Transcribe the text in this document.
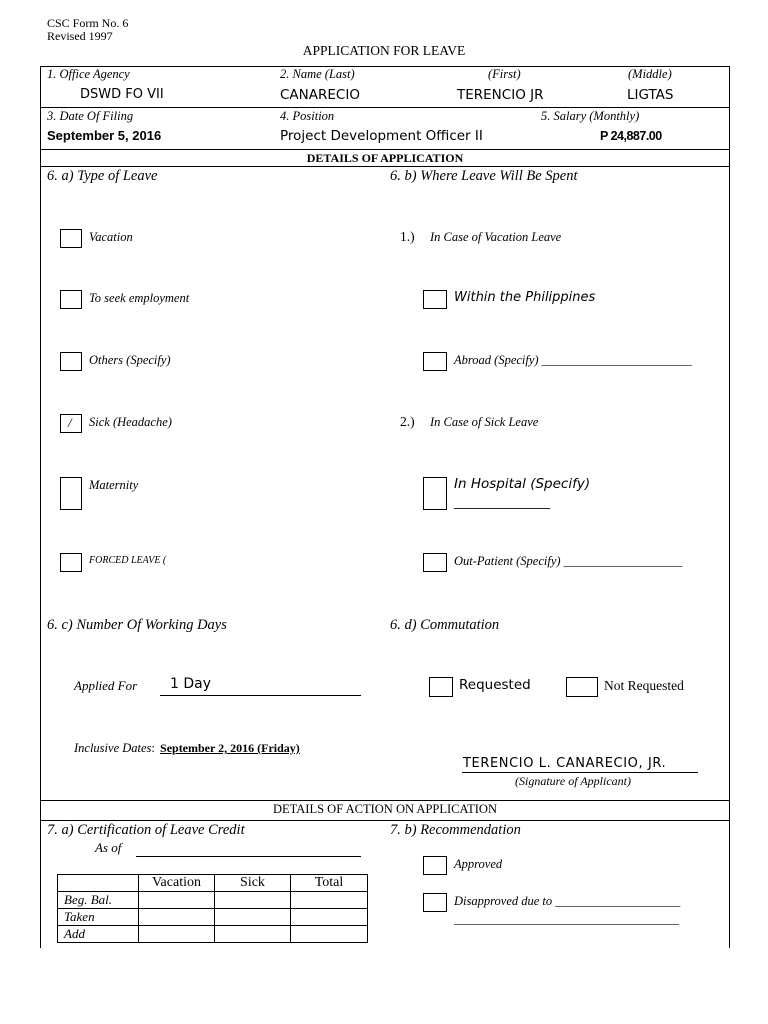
CSC Form No. 6
Revised 1997
APPLICATION FOR LEAVE
1. Office Agency
DSWD FO VII
2. Name (Last)	(First)	(Middle)
CANARECIO	TERENCIO JR	LIGTAS
3. Date Of Filing
September 5, 2016
4. Position
Project Development Officer II
5. Salary (Monthly)
P 24,887.00
DETAILS OF APPLICATION
6. a) Type of Leave	6. b) Where Leave Will Be Spent
Vacation
To seek employment
Others (Specify)
/ Sick (Headache)
Maternity
FORCED LEAVE (
1.) In Case of Vacation Leave
Within the Philippines
Abroad (Specify) ________________________
2.) In Case of Sick Leave
In Hospital (Specify)
________________
Out-Patient (Specify) ___________________
6. c) Number Of Working Days	6. d) Commutation
Applied For 1 Day	Requested	Not Requested
Inclusive Dates: September 2, 2016 (Friday)
TERENCIO L. CANARECIO, JR.
(Signature of Applicant)
DETAILS OF ACTION ON APPLICATION
7. a) Certification of Leave Credit
As of
7. b) Recommendation
Approved
Disapproved due to ____________________
____________________________________
	Vacation	Sick	Total
Beg. Bal.			
Taken			
Add			
